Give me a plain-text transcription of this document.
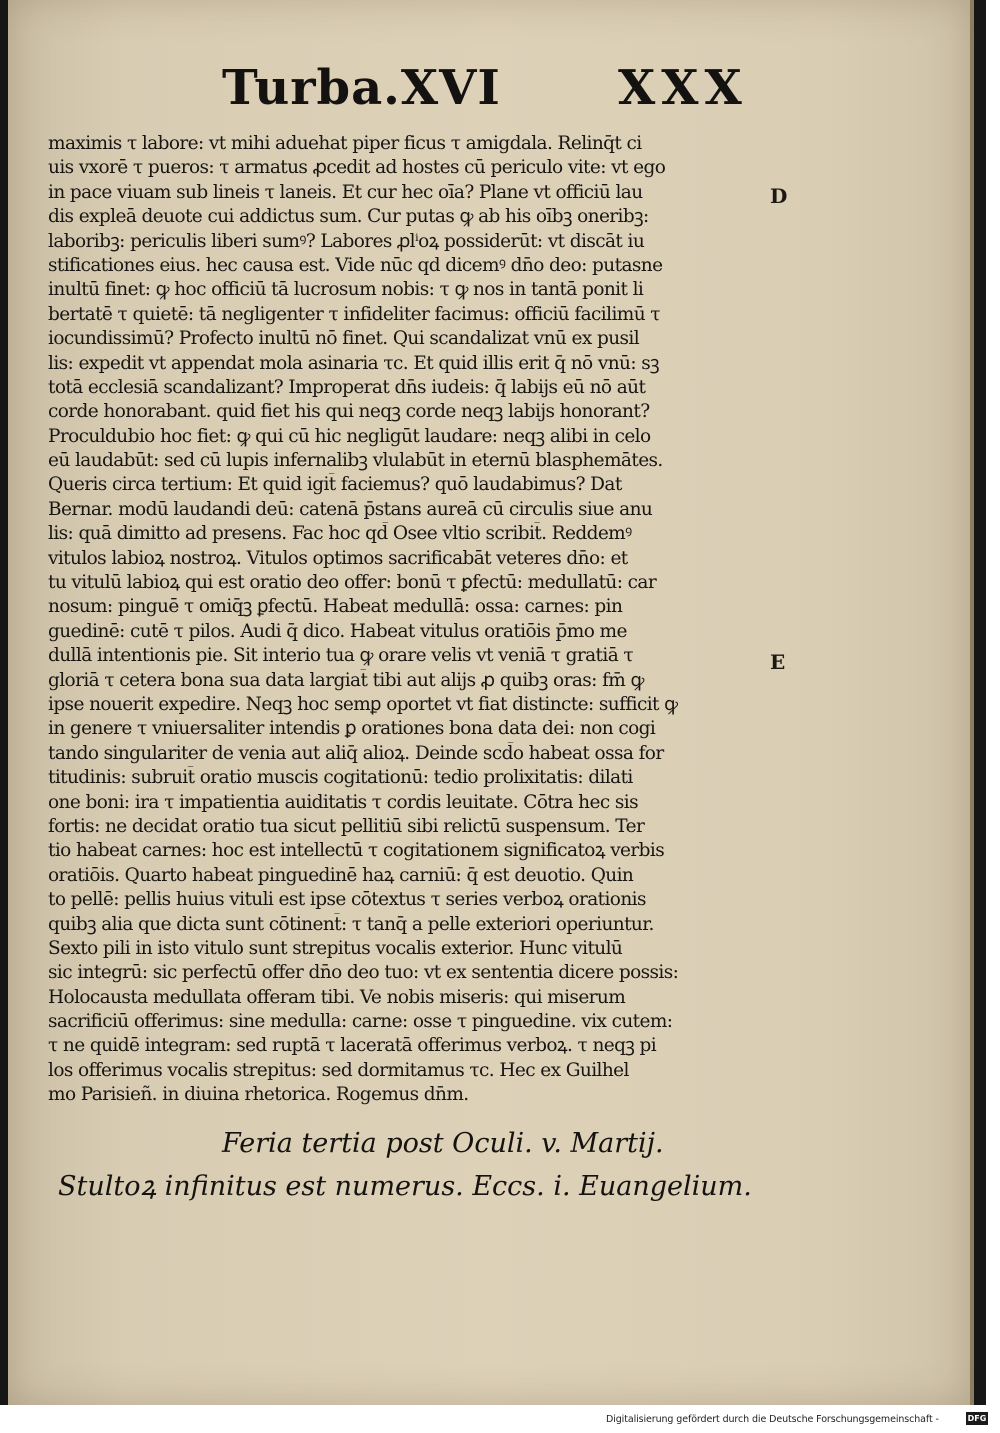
Turba.XVI XXX
maximis τ labore: vt mihi aduehat piper ficus τ amigdala. Relinq̄t ci
uis vxorē τ pueros: τ armatus ꝓcedit ad hostes cū periculo vite: vt ego
in pace viuam sub lineis τ laneis. Et cur hec oīa? Plane vt officiū lau
dis expleā deuote cui addictus sum. Cur putas ꝙ ab his oībꝫ oneribꝫ:
laboribꝫ: periculis liberi sumꝰ? Labores ꝓlⁱoꝝ possiderūt: vt discāt iu
stificationes eius. hec causa est. Vide nūc qd dicemꝰ dn̄o deo: putasne
inultū finet: ꝙ hoc officiū tā lucrosum nobis: τ ꝙ nos in tantā ponit li
bertatē τ quietē: tā negligenter τ infideliter facimus: officiū facilimū τ
iocundissimū? Profecto inultū nō finet. Qui scandalizat vnū ex pusil
lis: expedit vt appendat mola asinaria τc. Et quid illis erit q̄ nō vnū: sꝫ
totā ecclesiā scandalizant? Improperat dn̄s iudeis: q̄ labijs eū nō aūt
corde honorabant. quid fiet his qui neqꝫ corde neqꝫ labijs honorant?
Proculdubio hoc fiet: ꝙ qui cū hic negligūt laudare: neqꝫ alibi in celo
eū laudabūt: sed cū lupis infernalibꝫ vlulabūt in eternū blasphemātes.
Queris circa tertium: Et quid igit̄ faciemus? quō laudabimus? Dat
Bernar. modū laudandi deū: catenā p̄stans aureā cū circulis siue anu
lis: quā dimitto ad presens. Fac hoc qd̄ Osee vltio scribit̄. Reddemꝰ
vitulos labioꝝ nostroꝝ. Vitulos optimos sacrificabāt veteres dn̄o: et
tu vitulū labioꝝ qui est oratio deo offer: bonū τ ꝑfectū: medullatū: car
nosum: pinguē τ omiq̄ꝫ ꝑfectū. Habeat medullā: ossa: carnes: pin
guedinē: cutē τ pilos. Audi q̄ dico. Habeat vitulus oratiōis p̄mo me
dullā intentionis pie. Sit interio tua ꝙ orare velis vt veniā τ gratiā τ
gloriā τ cetera bona sua data largiat̄ tibi aut alijs ꝓ quibꝫ oras: fm̄ ꝙ
ipse nouerit expedire. Neqꝫ hoc semꝑ oportet vt fiat distincte: sufficit ꝙ
in genere τ vniuersaliter intendis ꝑ orationes bona data dei: non cogi
tando singulariter de venia aut aliq̄ alioꝝ. Deinde scd̄o habeat ossa for
titudinis: subruit̄ oratio muscis cogitationū: tedio prolixitatis: dilati
one boni: ira τ impatientia auiditatis τ cordis leuitate. Cōtra hec sis
fortis: ne decidat oratio tua sicut pellitiū sibi relictū suspensum. Ter
tio habeat carnes: hoc est intellectū τ cogitationem significatoꝝ verbis
oratiōis. Quarto habeat pinguedinē haꝝ carniū: q̄ est deuotio. Quin
to pellē: pellis huius vituli est ipse cōtextus τ series verboꝝ orationis
quibꝫ alia que dicta sunt cōtinent̄: τ tanq̄ a pelle exteriori operiuntur.
Sexto pili in isto vitulo sunt strepitus vocalis exterior. Hunc vitulū
sic integrū: sic perfectū offer dn̄o deo tuo: vt ex sententia dicere possis:
Holocausta medullata offeram tibi. Ve nobis miseris: qui miserum
sacrificiū offerimus: sine medulla: carne: osse τ pinguedine. vix cutem:
τ ne quidē integram: sed ruptā τ laceratā offerimus verboꝝ. τ neqꝫ pi
los offerimus vocalis strepitus: sed dormitamus τc. Hec ex Guilhel
mo Parisieñ. in diuina rhetorica. Rogemus dn̄m.
D
E
Feria tertia post Oculi. v. Martij.
Stultoꝝ infinitus est numerus. Eccs. i. Euangelium.
Digitalisierung gefördert durch die Deutsche Forschungsgemeinschaft -	DFG
